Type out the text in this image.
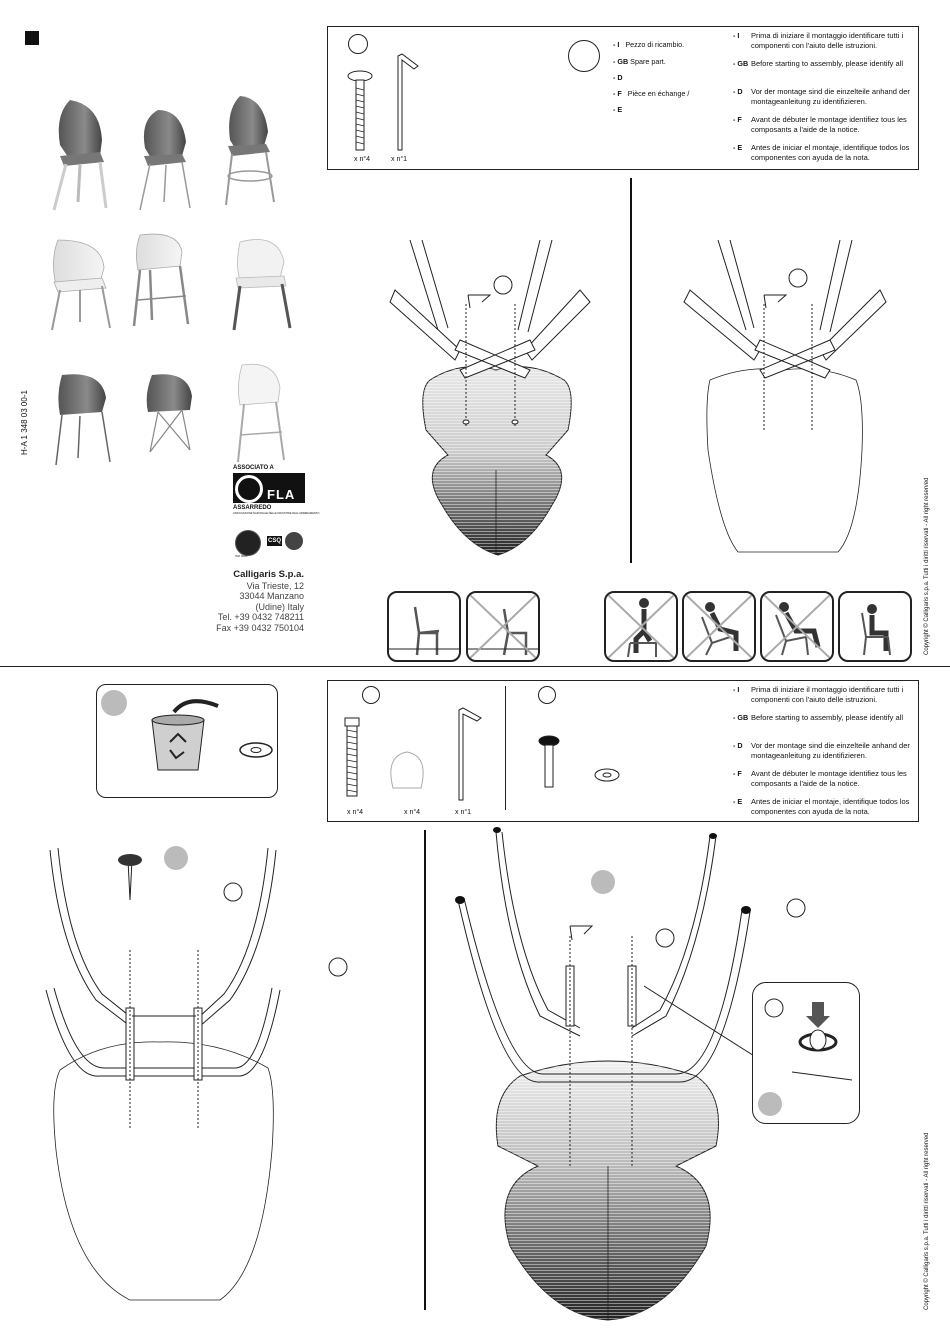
H-A 1 348 03 00-1
ASSOCIATO A
FLA
ASSARREDO
ASSOCIAZIONE NAZIONALE DELLE INDUSTRIE DELL'ARREDAMENTO
ISO 9001
CSQ
Calligaris S.p.a.
Via Trieste, 12
33044 Manzano
(Udine) Italy
Tel. +39 0432 748211
Fax +39 0432 750104
x n°4	x n°1
- I Pezzo di ricambio.
- GB Spare part.
- D
- F Pièce en échange /
- E
- I Prima di iniziare il montaggio identificare tutti i componenti con l'aiuto delle istruzioni.
- GB Before starting to assembly, please identify all
- D Vor der montage sind die einzelteile anhand der montageanleitung zu identifizieren.
- F Avant de débuter le montage identifiez tous les composants a l'aide de la notice.
- E Antes de iniciar el montaje, identifique todos los componentes con ayuda de la nota.
Copyright © Calligaris s.p.a. Tutti i diritti riservati - All right reserved
x n°4	x n°4	x n°1
- I Prima di iniziare il montaggio identificare tutti i componenti con l'aiuto delle istruzioni.
- GB Before starting to assembly, please identify all
- D Vor der montage sind die einzelteile anhand der montageanleitung zu identifizieren.
- F Avant de débuter le montage identifiez tous les composants a l'aide de la notice.
- E Antes de iniciar el montaje, identifique todos los componentes con ayuda de la nota.
Copyright © Calligaris s.p.a. Tutti i diritti riservati - All right reserved
